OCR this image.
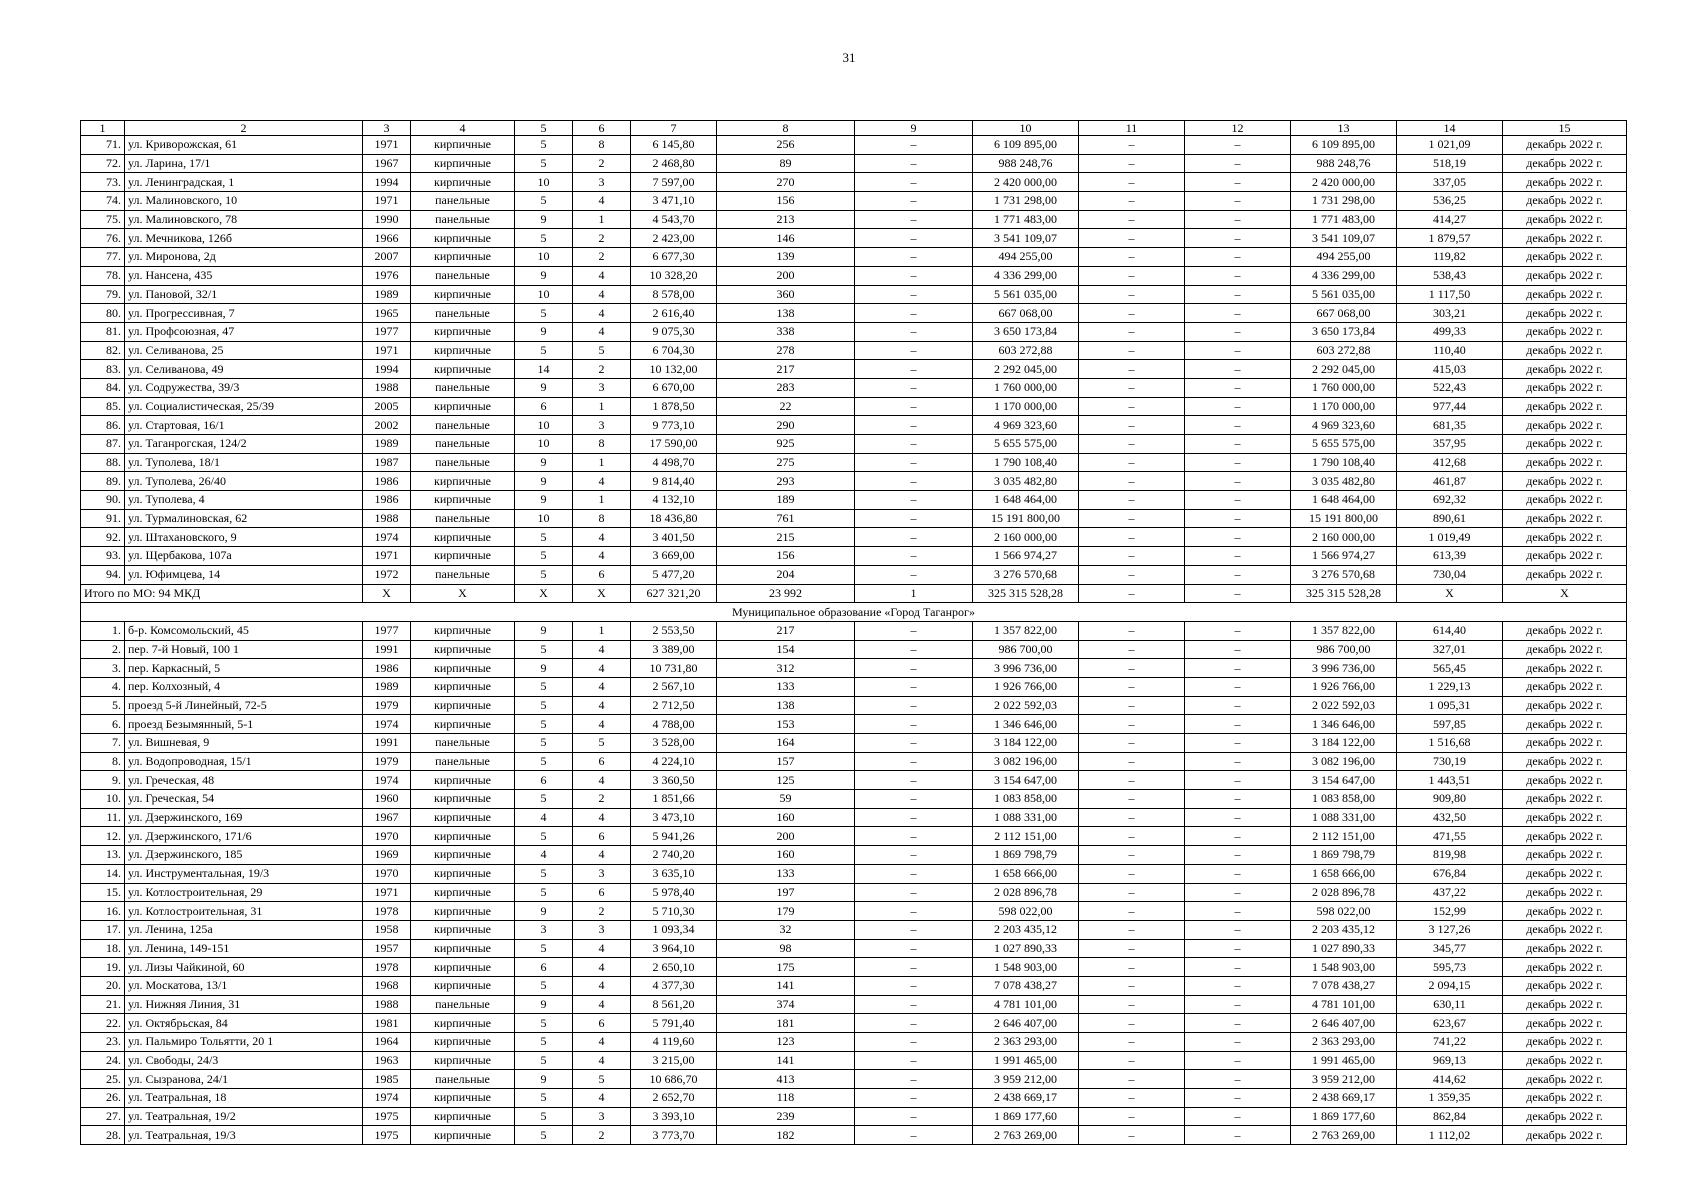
31
1	2	3	4	5	6	7	8	9	10	11	12	13	14	15
71.	ул. Криворожская, 61	1971	кирпичные	5	8	6 145,80	256	–	6 109 895,00	–	–	6 109 895,00	1 021,09	декабрь 2022 г.
72.	ул. Ларина, 17/1	1967	кирпичные	5	2	2 468,80	89	–	988 248,76	–	–	988 248,76	518,19	декабрь 2022 г.
73.	ул. Ленинградская, 1	1994	кирпичные	10	3	7 597,00	270	–	2 420 000,00	–	–	2 420 000,00	337,05	декабрь 2022 г.
74.	ул. Малиновского, 10	1971	панельные	5	4	3 471,10	156	–	1 731 298,00	–	–	1 731 298,00	536,25	декабрь 2022 г.
75.	ул. Малиновского, 78	1990	панельные	9	1	4 543,70	213	–	1 771 483,00	–	–	1 771 483,00	414,27	декабрь 2022 г.
76.	ул. Мечникова, 126б	1966	кирпичные	5	2	2 423,00	146	–	3 541 109,07	–	–	3 541 109,07	1 879,57	декабрь 2022 г.
77.	ул. Миронова, 2д	2007	кирпичные	10	2	6 677,30	139	–	494 255,00	–	–	494 255,00	119,82	декабрь 2022 г.
78.	ул. Нансена, 435	1976	панельные	9	4	10 328,20	200	–	4 336 299,00	–	–	4 336 299,00	538,43	декабрь 2022 г.
79.	ул. Пановой, 32/1	1989	кирпичные	10	4	8 578,00	360	–	5 561 035,00	–	–	5 561 035,00	1 117,50	декабрь 2022 г.
80.	ул. Прогрессивная, 7	1965	панельные	5	4	2 616,40	138	–	667 068,00	–	–	667 068,00	303,21	декабрь 2022 г.
81.	ул. Профсоюзная, 47	1977	кирпичные	9	4	9 075,30	338	–	3 650 173,84	–	–	3 650 173,84	499,33	декабрь 2022 г.
82.	ул. Селиванова, 25	1971	кирпичные	5	5	6 704,30	278	–	603 272,88	–	–	603 272,88	110,40	декабрь 2022 г.
83.	ул. Селиванова, 49	1994	кирпичные	14	2	10 132,00	217	–	2 292 045,00	–	–	2 292 045,00	415,03	декабрь 2022 г.
84.	ул. Содружества, 39/3	1988	панельные	9	3	6 670,00	283	–	1 760 000,00	–	–	1 760 000,00	522,43	декабрь 2022 г.
85.	ул. Социалистическая, 25/39	2005	кирпичные	6	1	1 878,50	22	–	1 170 000,00	–	–	1 170 000,00	977,44	декабрь 2022 г.
86.	ул. Стартовая, 16/1	2002	панельные	10	3	9 773,10	290	–	4 969 323,60	–	–	4 969 323,60	681,35	декабрь 2022 г.
87.	ул. Таганрогская, 124/2	1989	панельные	10	8	17 590,00	925	–	5 655 575,00	–	–	5 655 575,00	357,95	декабрь 2022 г.
88.	ул. Туполева, 18/1	1987	панельные	9	1	4 498,70	275	–	1 790 108,40	–	–	1 790 108,40	412,68	декабрь 2022 г.
89.	ул. Туполева, 26/40	1986	кирпичные	9	4	9 814,40	293	–	3 035 482,80	–	–	3 035 482,80	461,87	декабрь 2022 г.
90.	ул. Туполева, 4	1986	кирпичные	9	1	4 132,10	189	–	1 648 464,00	–	–	1 648 464,00	692,32	декабрь 2022 г.
91.	ул. Турмалиновская, 62	1988	панельные	10	8	18 436,80	761	–	15 191 800,00	–	–	15 191 800,00	890,61	декабрь 2022 г.
92.	ул. Штахановского, 9	1974	кирпичные	5	4	3 401,50	215	–	2 160 000,00	–	–	2 160 000,00	1 019,49	декабрь 2022 г.
93.	ул. Щербакова, 107а	1971	кирпичные	5	4	3 669,00	156	–	1 566 974,27	–	–	1 566 974,27	613,39	декабрь 2022 г.
94.	ул. Юфимцева, 14	1972	панельные	5	6	5 477,20	204	–	3 276 570,68	–	–	3 276 570,68	730,04	декабрь 2022 г.
Итого по МО: 94 МКД		X	X	X	X	627 321,20	23 992	1	325 315 528,28	–	–	325 315 528,28	X	X
Муниципальное образование «Город Таганрог»														
1.	б-р. Комсомольский, 45	1977	кирпичные	9	1	2 553,50	217	–	1 357 822,00	–	–	1 357 822,00	614,40	декабрь 2022 г.
2.	пер. 7-й Новый, 100 1	1991	кирпичные	5	4	3 389,00	154	–	986 700,00	–	–	986 700,00	327,01	декабрь 2022 г.
3.	пер. Каркасный, 5	1986	кирпичные	9	4	10 731,80	312	–	3 996 736,00	–	–	3 996 736,00	565,45	декабрь 2022 г.
4.	пер. Колхозный, 4	1989	кирпичные	5	4	2 567,10	133	–	1 926 766,00	–	–	1 926 766,00	1 229,13	декабрь 2022 г.
5.	проезд 5-й Линейный, 72-5	1979	кирпичные	5	4	2 712,50	138	–	2 022 592,03	–	–	2 022 592,03	1 095,31	декабрь 2022 г.
6.	проезд Безымянный, 5-1	1974	кирпичные	5	4	4 788,00	153	–	1 346 646,00	–	–	1 346 646,00	597,85	декабрь 2022 г.
7.	ул. Вишневая, 9	1991	панельные	5	5	3 528,00	164	–	3 184 122,00	–	–	3 184 122,00	1 516,68	декабрь 2022 г.
8.	ул. Водопроводная, 15/1	1979	панельные	5	6	4 224,10	157	–	3 082 196,00	–	–	3 082 196,00	730,19	декабрь 2022 г.
9.	ул. Греческая, 48	1974	кирпичные	6	4	3 360,50	125	–	3 154 647,00	–	–	3 154 647,00	1 443,51	декабрь 2022 г.
10.	ул. Греческая, 54	1960	кирпичные	5	2	1 851,66	59	–	1 083 858,00	–	–	1 083 858,00	909,80	декабрь 2022 г.
11.	ул. Дзержинского, 169	1967	кирпичные	4	4	3 473,10	160	–	1 088 331,00	–	–	1 088 331,00	432,50	декабрь 2022 г.
12.	ул. Дзержинского, 171/6	1970	кирпичные	5	6	5 941,26	200	–	2 112 151,00	–	–	2 112 151,00	471,55	декабрь 2022 г.
13.	ул. Дзержинского, 185	1969	кирпичные	4	4	2 740,20	160	–	1 869 798,79	–	–	1 869 798,79	819,98	декабрь 2022 г.
14.	ул. Инструментальная, 19/3	1970	кирпичные	5	3	3 635,10	133	–	1 658 666,00	–	–	1 658 666,00	676,84	декабрь 2022 г.
15.	ул. Котлостроительная, 29	1971	кирпичные	5	6	5 978,40	197	–	2 028 896,78	–	–	2 028 896,78	437,22	декабрь 2022 г.
16.	ул. Котлостроительная, 31	1978	кирпичные	9	2	5 710,30	179	–	598 022,00	–	–	598 022,00	152,99	декабрь 2022 г.
17.	ул. Ленина, 125а	1958	кирпичные	3	3	1 093,34	32	–	2 203 435,12	–	–	2 203 435,12	3 127,26	декабрь 2022 г.
18.	ул. Ленина, 149-151	1957	кирпичные	5	4	3 964,10	98	–	1 027 890,33	–	–	1 027 890,33	345,77	декабрь 2022 г.
19.	ул. Лизы Чайкиной, 60	1978	кирпичные	6	4	2 650,10	175	–	1 548 903,00	–	–	1 548 903,00	595,73	декабрь 2022 г.
20.	ул. Москатова, 13/1	1968	кирпичные	5	4	4 377,30	141	–	7 078 438,27	–	–	7 078 438,27	2 094,15	декабрь 2022 г.
21.	ул. Нижняя Линия, 31	1988	панельные	9	4	8 561,20	374	–	4 781 101,00	–	–	4 781 101,00	630,11	декабрь 2022 г.
22.	ул. Октябрьская, 84	1981	кирпичные	5	6	5 791,40	181	–	2 646 407,00	–	–	2 646 407,00	623,67	декабрь 2022 г.
23.	ул. Пальмиро Тольятти, 20 1	1964	кирпичные	5	4	4 119,60	123	–	2 363 293,00	–	–	2 363 293,00	741,22	декабрь 2022 г.
24.	ул. Свободы, 24/3	1963	кирпичные	5	4	3 215,00	141	–	1 991 465,00	–	–	1 991 465,00	969,13	декабрь 2022 г.
25.	ул. Сызранова, 24/1	1985	панельные	9	5	10 686,70	413	–	3 959 212,00	–	–	3 959 212,00	414,62	декабрь 2022 г.
26.	ул. Театральная, 18	1974	кирпичные	5	4	2 652,70	118	–	2 438 669,17	–	–	2 438 669,17	1 359,35	декабрь 2022 г.
27.	ул. Театральная, 19/2	1975	кирпичные	5	3	3 393,10	239	–	1 869 177,60	–	–	1 869 177,60	862,84	декабрь 2022 г.
28.	ул. Театральная, 19/3	1975	кирпичные	5	2	3 773,70	182	–	2 763 269,00	–	–	2 763 269,00	1 112,02	декабрь 2022 г.
